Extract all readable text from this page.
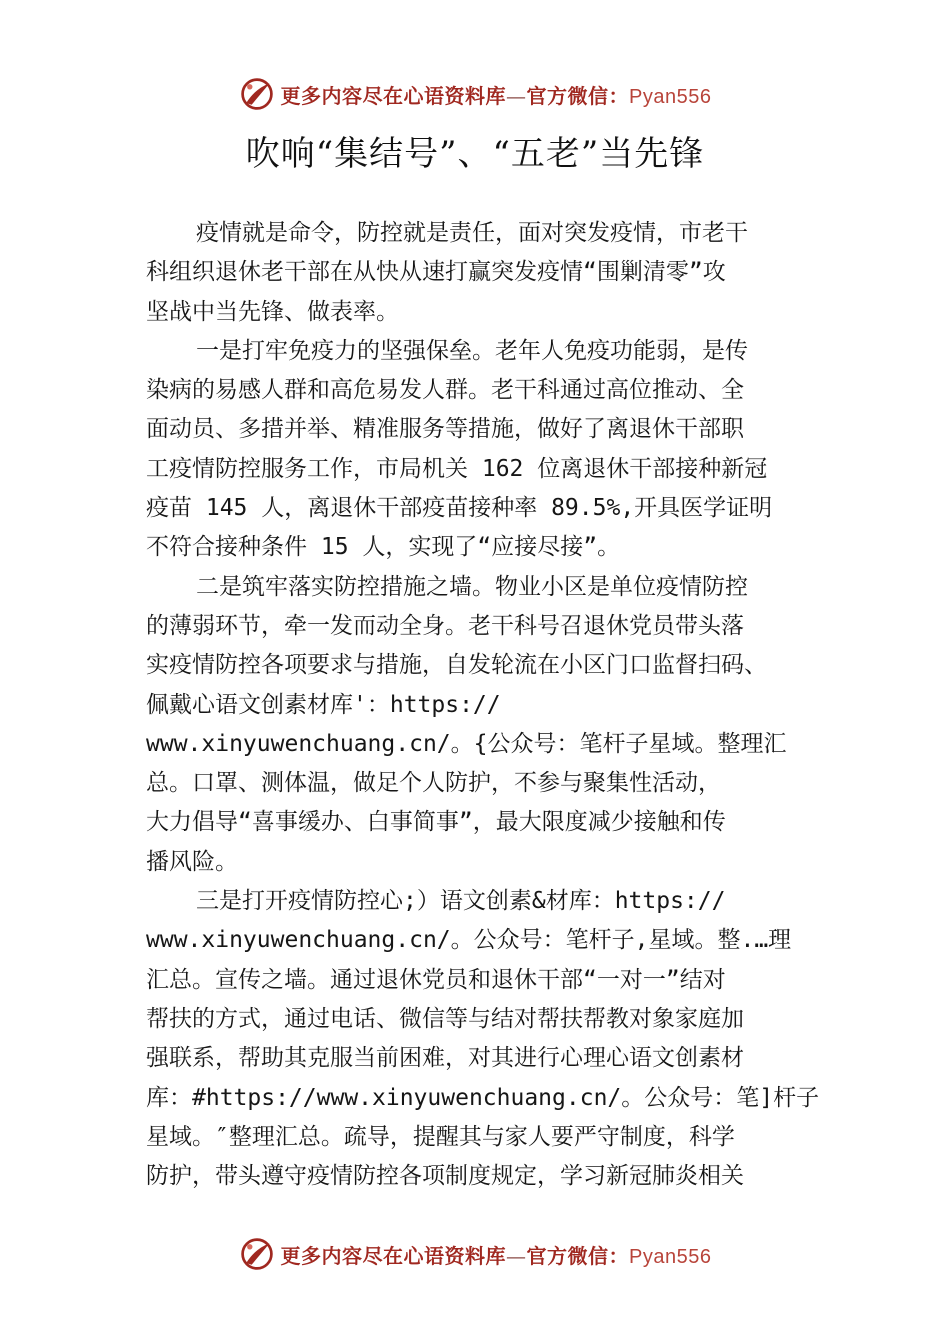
更多内容尽在心语资料库—官方微信：Pyan556
吹响“集结号”、“五老”当先锋
疫情就是命令，防控就是责任，面对突发疫情，市老干
科组织退休老干部在从快从速打赢突发疫情“围剿清零”攻
坚战中当先锋、做表率。
一是打牢免疫力的坚强保垒。老年人免疫功能弱，是传
染病的易感人群和高危易发人群。老干科通过高位推动、全
面动员、多措并举、精准服务等措施，做好了离退休干部职
工疫情防控服务工作，市局机关 162 位离退休干部接种新冠
疫苗 145 人，离退休干部疫苗接种率 89.5%,开具医学证明
不符合接种条件 15 人，实现了“应接尽接”。
二是筑牢落实防控措施之墙。物业小区是单位疫情防控
的薄弱环节，牵一发而动全身。老干科号召退休党员带头落
实疫情防控各项要求与措施，自发轮流在小区门口监督扫码、
佩戴心语文创素材库'：https://
www.xinyuwenchuang.cn/。{公众号：笔杆子星域。整理汇
总。口罩、测体温，做足个人防护，不参与聚集性活动，
大力倡导“喜事缓办、白事简事”，最大限度减少接触和传
播风险。
三是打开疫情防控心;）语文创素&材库：https://
www.xinyuwenchuang.cn/。公众号：笔杆子,星域。整.…理
汇总。宣传之墙。通过退休党员和退休干部“一对一”结对
帮扶的方式，通过电话、微信等与结对帮扶帮教对象家庭加
强联系，帮助其克服当前困难，对其进行心理心语文创素材
库：#https://www.xinyuwenchuang.cn/。公众号：笔]杆子
星域。″整理汇总。疏导，提醒其与家人要严守制度，科学
防护，带头遵守疫情防控各项制度规定，学习新冠肺炎相关
更多内容尽在心语资料库—官方微信：Pyan556
